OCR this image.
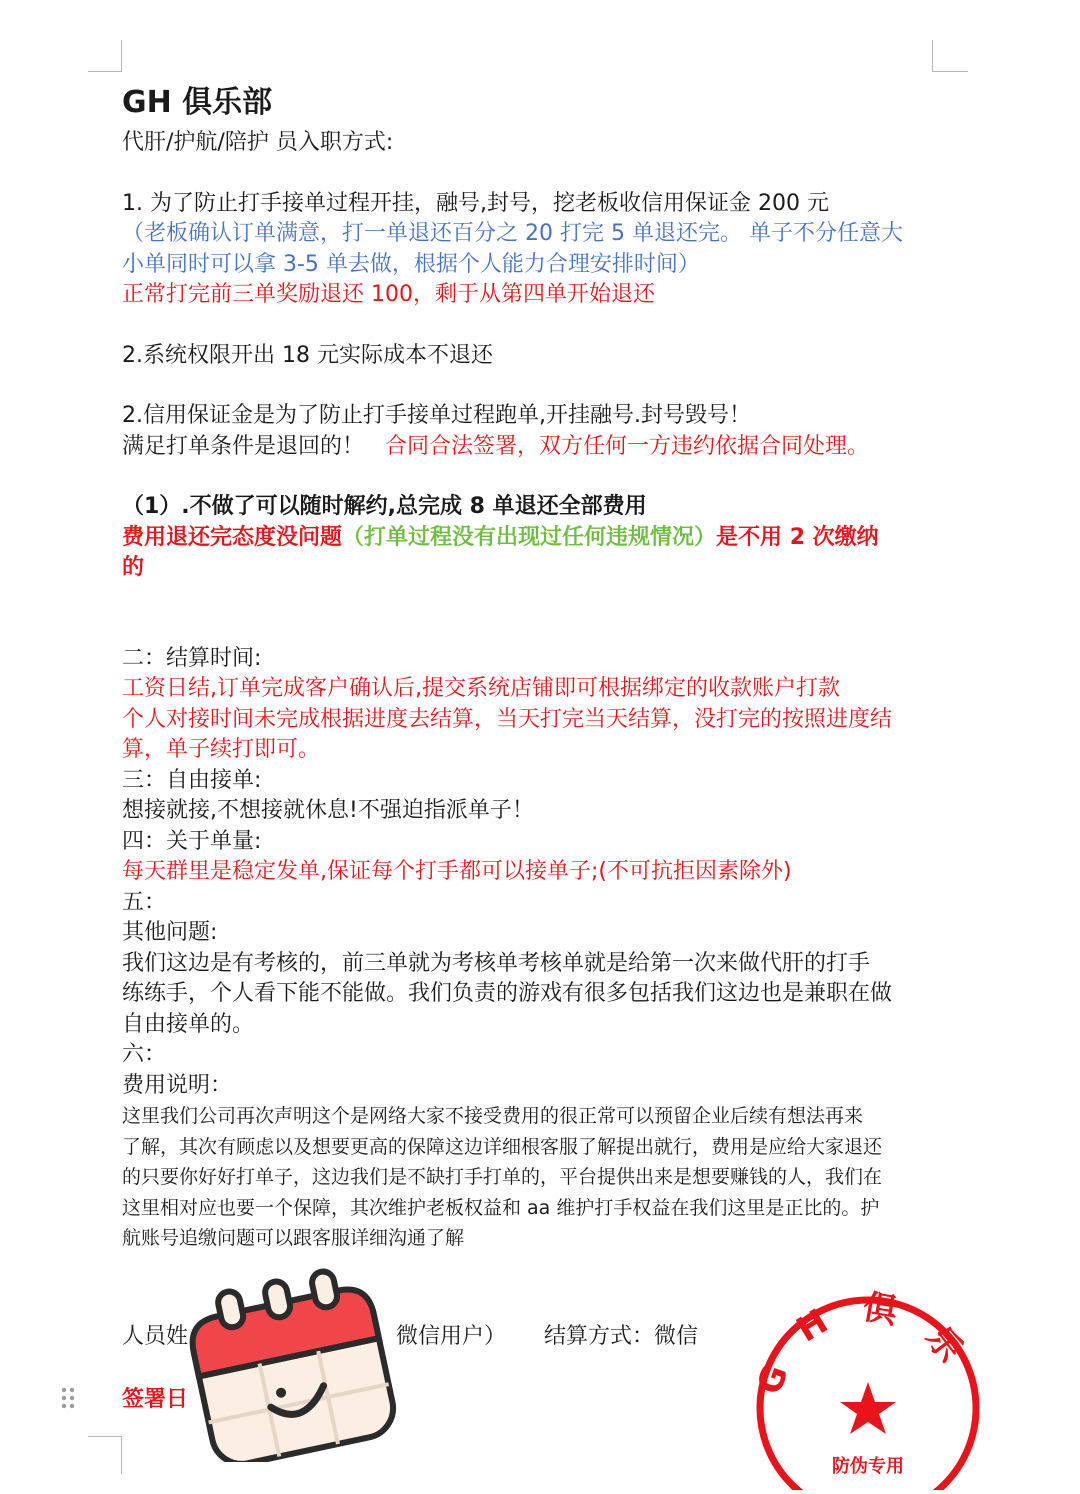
GH 俱乐部

代肝/护航/陪护 员入职方式:

1. 为了防止打手接单过程开挂，融号,封号，挖老板收信用保证金 200 元

（老板确认订单满意，打一单退还百分之 20 打完 5 单退还完。 单子不分任意大

小单同时可以拿 3-5 单去做，根据个人能力合理安排时间）

正常打完前三单奖励退还 100，剩于从第四单开始退还

2.系统权限开出 18 元实际成本不退还

2.信用保证金是为了防止打手接单过程跑单,开挂融号.封号毁号！

满足打单条件是退回的！ 合同合法签署，双方任何一方违约依据合同处理。

（1）.不做了可以随时解约,总完成 8 单退还全部费用

费用退还完态度没问题（打单过程没有出现过任何违规情况）是不用 2 次缴纳

的

二：结算时间:

工资日结,订单完成客户确认后,提交系统店铺即可根据绑定的收款账户打款

个人对接时间未完成根据进度去结算，当天打完当天结算，没打完的按照进度结

算，单子续打即可。

三：自由接单:

想接就接,不想接就休息!不强迫指派单子！

四：关于单量:

每天群里是稳定发单,保证每个打手都可以接单子;(不可抗拒因素除外)

五：

其他问题:

我们这边是有考核的，前三单就为考核单考核单就是给第一次来做代肝的打手

练练手，个人看下能不能做。我们负责的游戏有很多包括我们这边也是兼职在做

自由接单的。

六：

费用说明：

这里我们公司再次声明这个是网络大家不接受费用的很正常可以预留企业后续有想法再来

了解，其次有顾虑以及想要更高的保障这边详细根客服了解提出就行，费用是应给大家退还

的只要你好好打单子，这边我们是不缺打手打单的，平台提供出来是想要赚钱的人，我们在

这里相对应也要一个保障，其次维护老板权益和 aa 维护打手权益在我们这里是正比的。护

航账号追缴问题可以跟客服详细沟通了解

人员姓	微信用户） 结算方式：微信
签署日
G H 俱 乐
防伪专用
